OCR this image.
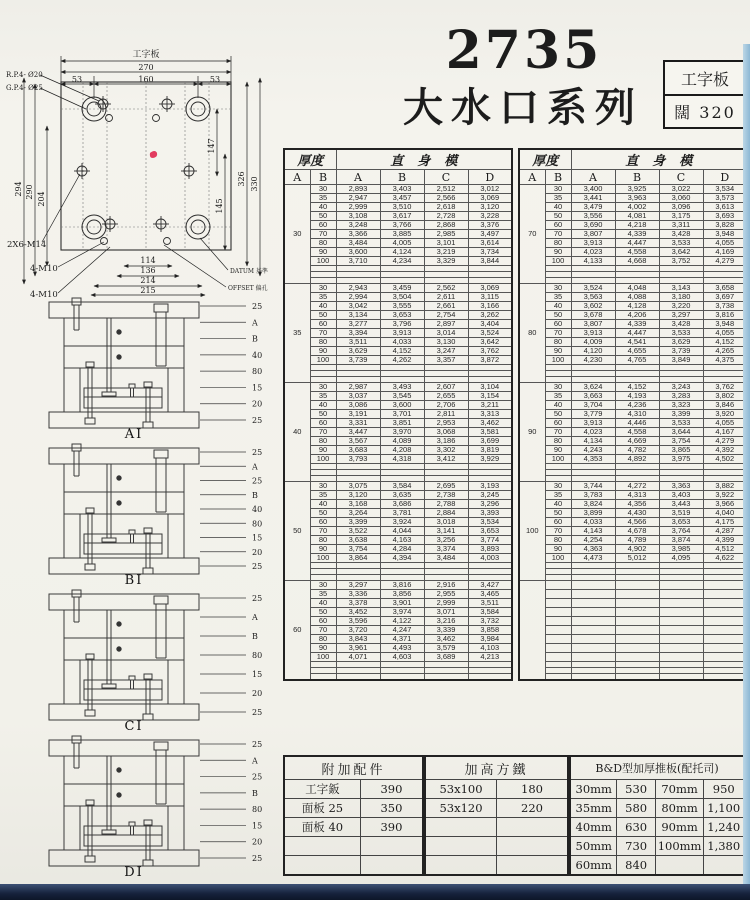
2735
大水口系列
工字板
闊 320
工字板
270
160
53	53
294 290 204
147
145
326 330
114
136
214
215
R.P.4- Ø20
G.P.4- Ø25
2X6-M14
4-M10
4-M10
DATUM 基準
OFFSET 偏孔
25
A
B
40
80
15
20
25
AI
25
A
25
B
40
80
15
20
25
BI
25
A
B
80
15
20
25
CI
25
A
25
B
80
15
20
25
DI
厚度		直身模			
A	B	A	B	C	D
30	30	2,893	3,403	2,512	3,012
	35	2,947	3,457	2,566	3,069
	40	2,999	3,510	2,618	3,120
	50	3,108	3,617	2,728	3,228
	60	3,248	3,766	2,868	3,376
	70	3,366	3,885	2,985	3,497
	80	3,484	4,005	3,101	3,614
	90	3,600	4,124	3,219	3,734
	100	3,710	4,234	3,329	3,844

35	30	2,943	3,459	2,562	3,069
	35	2,994	3,504	2,611	3,115
	40	3,042	3,555	2,661	3,166
	50	3,134	3,653	2,754	3,262
	60	3,277	3,796	2,897	3,404
	70	3,394	3,913	3,014	3,524
	80	3,511	4,033	3,130	3,642
	90	3,629	4,152	3,247	3,762
	100	3,739	4,262	3,357	3,872

40	30	2,987	3,493	2,607	3,104
	35	3,037	3,545	2,655	3,154
	40	3,086	3,600	2,706	3,211
	50	3,191	3,701	2,811	3,313
	60	3,331	3,851	2,953	3,462
	70	3,447	3,970	3,068	3,581
	80	3,567	4,089	3,186	3,699
	90	3,683	4,208	3,302	3,819
	100	3,793	4,318	3,412	3,929

50	30	3,075	3,584	2,695	3,193
	35	3,120	3,635	2,738	3,245
	40	3,168	3,686	2,788	3,296
	50	3,264	3,781	2,884	3,393
	60	3,399	3,924	3,018	3,534
	70	3,522	4,044	3,141	3,653
	80	3,638	4,163	3,256	3,774
	90	3,754	4,284	3,374	3,893
	100	3,864	4,394	3,484	4,003

60	30	3,297	3,816	2,916	3,427
	35	3,336	3,856	2,955	3,465
	40	3,378	3,901	2,999	3,511
	50	3,452	3,974	3,071	3,584
	60	3,596	4,122	3,216	3,732
	70	3,720	4,247	3,339	3,858
	80	3,843	4,371	3,462	3,984
	90	3,961	4,493	3,579	4,103
	100	4,071	4,603	3,689	4,213

厚度		直身模			
A	B	A	B	C	D
70	30	3,400	3,925	3,022	3,534
	35	3,441	3,963	3,060	3,573
	40	3,479	4,002	3,096	3,613
	50	3,556	4,081	3,175	3,693
	60	3,690	4,218	3,311	3,828
	70	3,807	4,339	3,428	3,948
	80	3,913	4,447	3,533	4,055
	90	4,023	4,558	3,642	4,169
	100	4,133	4,668	3,752	4,279

80	30	3,524	4,048	3,143	3,658
	35	3,563	4,088	3,180	3,697
	40	3,602	4,128	3,220	3,738
	50	3,678	4,206	3,297	3,816
	60	3,807	4,339	3,428	3,948
	70	3,913	4,447	3,533	4,055
	80	4,009	4,541	3,629	4,152
	90	4,120	4,655	3,739	4,265
	100	4,230	4,765	3,849	4,375

90	30	3,624	4,152	3,243	3,762
	35	3,663	4,193	3,283	3,802
	40	3,704	4,236	3,323	3,846
	50	3,779	4,310	3,399	3,920
	60	3,913	4,446	3,533	4,055
	70	4,023	4,558	3,644	4,167
	80	4,134	4,669	3,754	4,279
	90	4,243	4,782	3,865	4,392
	100	4,353	4,892	3,975	4,502

100	30	3,744	4,272	3,363	3,882
	35	3,783	4,313	3,403	3,922
	40	3,824	4,356	3,443	3,966
	50	3,899	4,430	3,519	4,040
	60	4,033	4,566	3,653	4,175
	70	4,143	4,678	3,764	4,287
	80	4,254	4,789	3,874	4,399
	90	4,363	4,902	3,985	4,512
	100	4,473	5,012	4,095	4,622

附加配件	
工字鈑	390
面板 25	350
面板 40	390

加高方鐵	
53x100	180
53x120	220

B&D型加厚推板(配托司)			
30mm	530	70mm	950
35mm	580	80mm	1,100
40mm	630	90mm	1,240
50mm	730	100mm	1,380
60mm	840		
